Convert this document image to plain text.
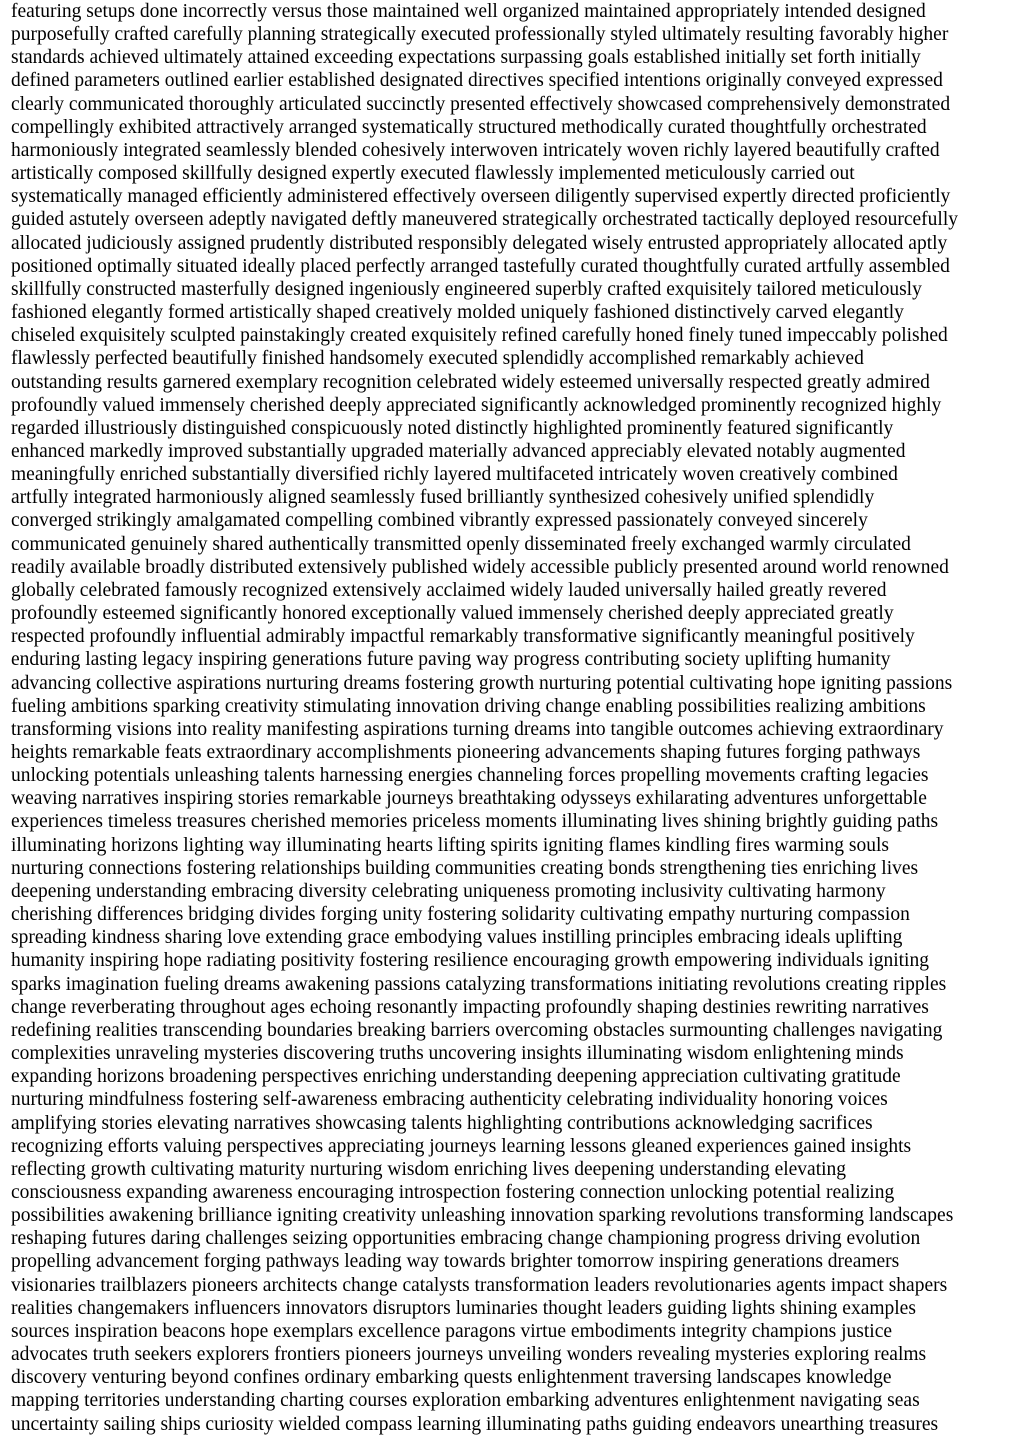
featuring setups done incorrectly versus those maintained well organized maintained appropriately intended designed
purposefully crafted carefully planning strategically executed professionally styled ultimately resulting favorably higher
standards achieved ultimately attained exceeding expectations surpassing goals established initially set forth initially
defined parameters outlined earlier established designated directives specified intentions originally conveyed expressed
clearly communicated thoroughly articulated succinctly presented effectively showcased comprehensively demonstrated
compellingly exhibited attractively arranged systematically structured methodically curated thoughtfully orchestrated
harmoniously integrated seamlessly blended cohesively interwoven intricately woven richly layered beautifully crafted
artistically composed skillfully designed expertly executed flawlessly implemented meticulously carried out
systematically managed efficiently administered effectively overseen diligently supervised expertly directed proficiently
guided astutely overseen adeptly navigated deftly maneuvered strategically orchestrated tactically deployed resourcefully
allocated judiciously assigned prudently distributed responsibly delegated wisely entrusted appropriately allocated aptly
positioned optimally situated ideally placed perfectly arranged tastefully curated thoughtfully curated artfully assembled
skillfully constructed masterfully designed ingeniously engineered superbly crafted exquisitely tailored meticulously
fashioned elegantly formed artistically shaped creatively molded uniquely fashioned distinctively carved elegantly
chiseled exquisitely sculpted painstakingly created exquisitely refined carefully honed finely tuned impeccably polished
flawlessly perfected beautifully finished handsomely executed splendidly accomplished remarkably achieved
outstanding results garnered exemplary recognition celebrated widely esteemed universally respected greatly admired
profoundly valued immensely cherished deeply appreciated significantly acknowledged prominently recognized highly
regarded illustriously distinguished conspicuously noted distinctly highlighted prominently featured significantly
enhanced markedly improved substantially upgraded materially advanced appreciably elevated notably augmented
meaningfully enriched substantially diversified richly layered multifaceted intricately woven creatively combined
artfully integrated harmoniously aligned seamlessly fused brilliantly synthesized cohesively unified splendidly
converged strikingly amalgamated compelling combined vibrantly expressed passionately conveyed sincerely
communicated genuinely shared authentically transmitted openly disseminated freely exchanged warmly circulated
readily available broadly distributed extensively published widely accessible publicly presented around world renowned
globally celebrated famously recognized extensively acclaimed widely lauded universally hailed greatly revered
profoundly esteemed significantly honored exceptionally valued immensely cherished deeply appreciated greatly
respected profoundly influential admirably impactful remarkably transformative significantly meaningful positively
enduring lasting legacy inspiring generations future paving way progress contributing society uplifting humanity
advancing collective aspirations nurturing dreams fostering growth nurturing potential cultivating hope igniting passions
fueling ambitions sparking creativity stimulating innovation driving change enabling possibilities realizing ambitions
transforming visions into reality manifesting aspirations turning dreams into tangible outcomes achieving extraordinary
heights remarkable feats extraordinary accomplishments pioneering advancements shaping futures forging pathways
unlocking potentials unleashing talents harnessing energies channeling forces propelling movements crafting legacies
weaving narratives inspiring stories remarkable journeys breathtaking odysseys exhilarating adventures unforgettable
experiences timeless treasures cherished memories priceless moments illuminating lives shining brightly guiding paths
illuminating horizons lighting way illuminating hearts lifting spirits igniting flames kindling fires warming souls
nurturing connections fostering relationships building communities creating bonds strengthening ties enriching lives
deepening understanding embracing diversity celebrating uniqueness promoting inclusivity cultivating harmony
cherishing differences bridging divides forging unity fostering solidarity cultivating empathy nurturing compassion
spreading kindness sharing love extending grace embodying values instilling principles embracing ideals uplifting
humanity inspiring hope radiating positivity fostering resilience encouraging growth empowering individuals igniting
sparks imagination fueling dreams awakening passions catalyzing transformations initiating revolutions creating ripples
change reverberating throughout ages echoing resonantly impacting profoundly shaping destinies rewriting narratives
redefining realities transcending boundaries breaking barriers overcoming obstacles surmounting challenges navigating
complexities unraveling mysteries discovering truths uncovering insights illuminating wisdom enlightening minds
expanding horizons broadening perspectives enriching understanding deepening appreciation cultivating gratitude
nurturing mindfulness fostering self-awareness embracing authenticity celebrating individuality honoring voices
amplifying stories elevating narratives showcasing talents highlighting contributions acknowledging sacrifices
recognizing efforts valuing perspectives appreciating journeys learning lessons gleaned experiences gained insights
reflecting growth cultivating maturity nurturing wisdom enriching lives deepening understanding elevating
consciousness expanding awareness encouraging introspection fostering connection unlocking potential realizing
possibilities awakening brilliance igniting creativity unleashing innovation sparking revolutions transforming landscapes
reshaping futures daring challenges seizing opportunities embracing change championing progress driving evolution
propelling advancement forging pathways leading way towards brighter tomorrow inspiring generations dreamers
visionaries trailblazers pioneers architects change catalysts transformation leaders revolutionaries agents impact shapers
realities changemakers influencers innovators disruptors luminaries thought leaders guiding lights shining examples
sources inspiration beacons hope exemplars excellence paragons virtue embodiments integrity champions justice
advocates truth seekers explorers frontiers pioneers journeys unveiling wonders revealing mysteries exploring realms
discovery venturing beyond confines ordinary embarking quests enlightenment traversing landscapes knowledge
mapping territories understanding charting courses exploration embarking adventures enlightenment navigating seas
uncertainty sailing ships curiosity wielded compass learning illuminating paths guiding endeavors unearthing treasures
